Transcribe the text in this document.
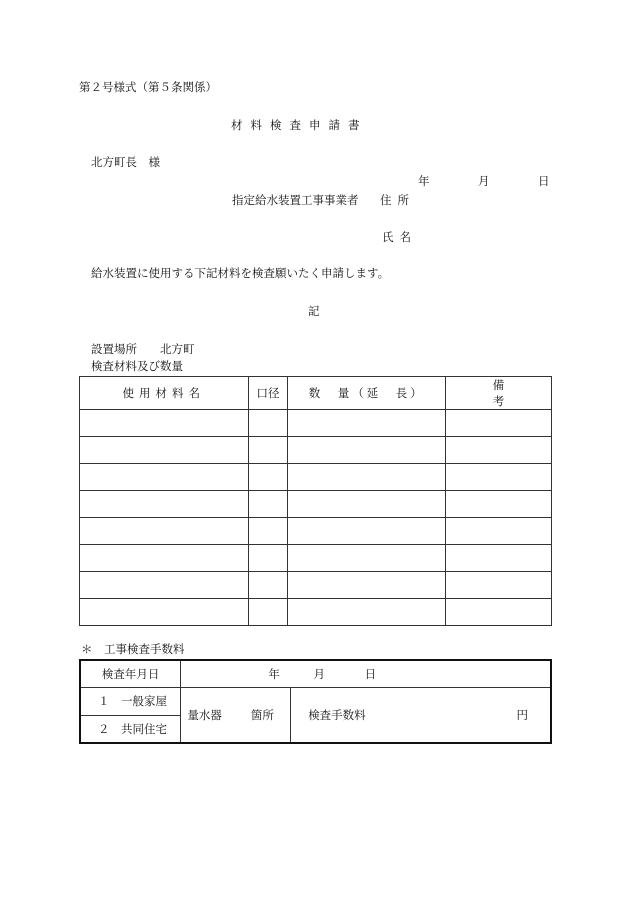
第２号様式（第５条関係）
材料検査申請書
北方町長　様
年	月	日
指定給水装置工事事業者 住所
氏名
給水装置に使用する下記材料を検査願いたく申請します。
記
設置場所 北方町
検査材料及び数量
使用材料名	口径	数　量（延　長）	備考

＊　工事検査手数料
検査年月日	年 月 日	
１　一般家屋	量水器 箇所	検査手数料 円

２　共同住宅		
